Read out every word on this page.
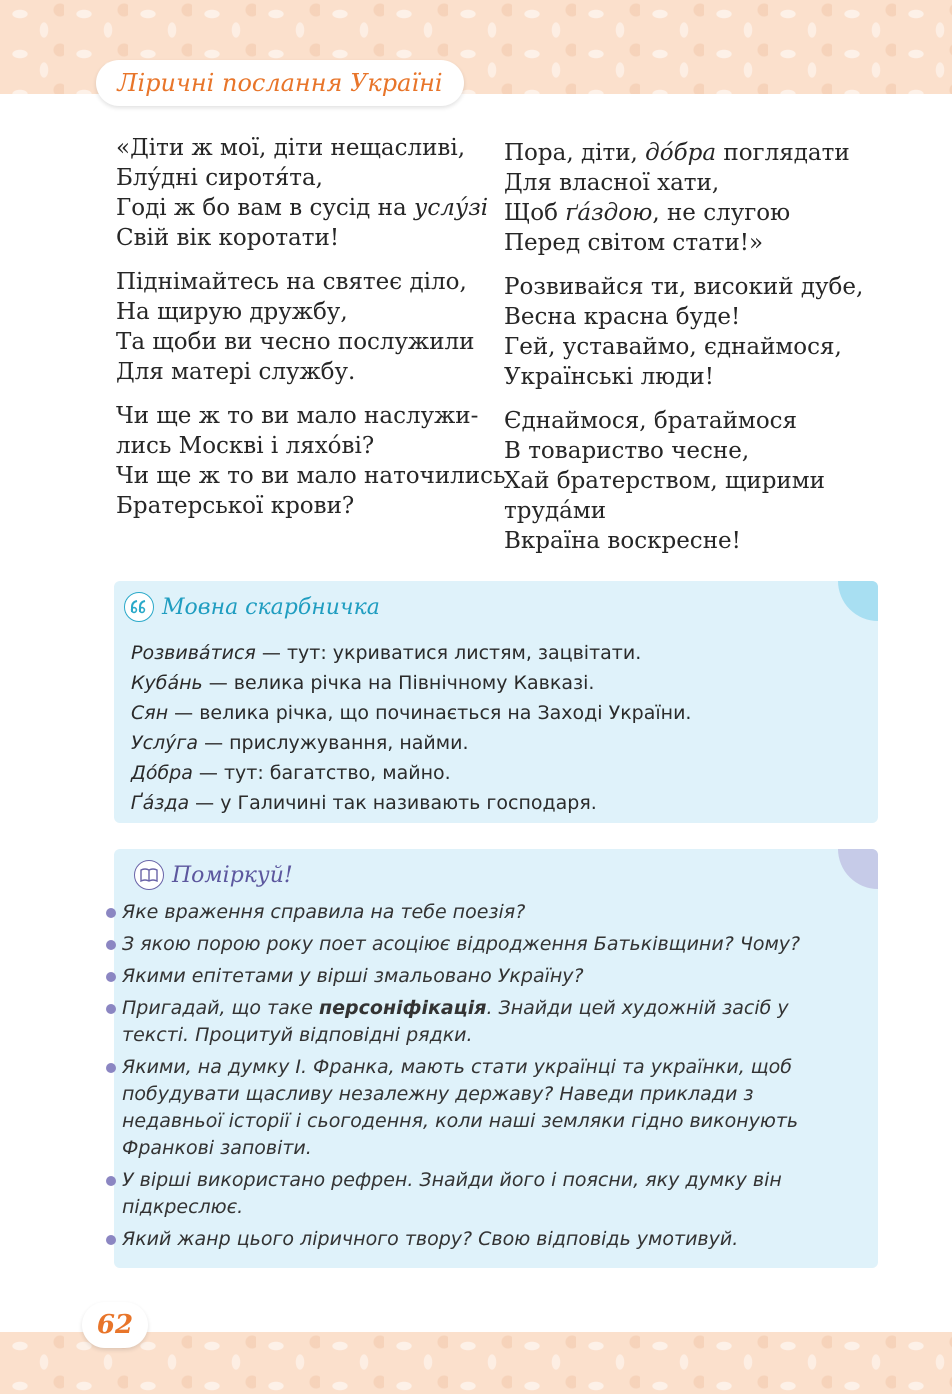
Ліричні послання Україні
«Діти ж мої, діти нещасливі,
Блу́дні сиротя́та,
Годі ж бо вам в сусід на услу́зі
Свій вік коротати!
Піднімайтесь на святеє діло,
На щирую дружбу,
Та щоби ви чесно послужили
Для матері службу.
Чи ще ж то ви мало наслужи-
лись Москві і ляхо́ві?
Чи ще ж то ви мало наточились
Братерської крови?
Пора, діти, до́бра поглядати
Для власної хати,
Щоб ґа́здою, не слугою
Перед світом стати!»
Розвивайся ти, високий дубе,
Весна красна буде!
Гей, уставаймо, єднаймося,
Українські люди!
Єднаймося, братаймося
В товариство чесне,
Хай братерством, щирими
труда́ми
Вкраїна воскресне!
Мовна скарбничка
Розвива́тися — тут: укриватися листям, зацвітати.
Куба́нь — велика річка на Північному Кавказі.
Сян — велика річка, що починається на Заході України.
Услу́га — прислужування, найми.
До́бра — тут: багатство, майно.
Ґа́зда — у Галичині так називають господаря.
Поміркуй!
Яке враження справила на тебе поезія?
З якою порою року поет асоціює відродження Батьківщини? Чому?
Якими епітетами у вірші змальовано Україну?
Пригадай, що таке персоніфікація. Знайди цей художній засіб у тексті. Процитуй відповідні рядки.
Якими, на думку І. Франка, мають стати українці та українки, щоб побудувати щасливу незалежну державу? Наведи приклади з недавньої історії і сьогодення, коли наші земляки гідно виконують Франкові заповіти.
У вірші використано рефрен. Знайди його і поясни, яку думку він підкреслює.
Який жанр цього ліричного твору? Свою відповідь умотивуй.
62
